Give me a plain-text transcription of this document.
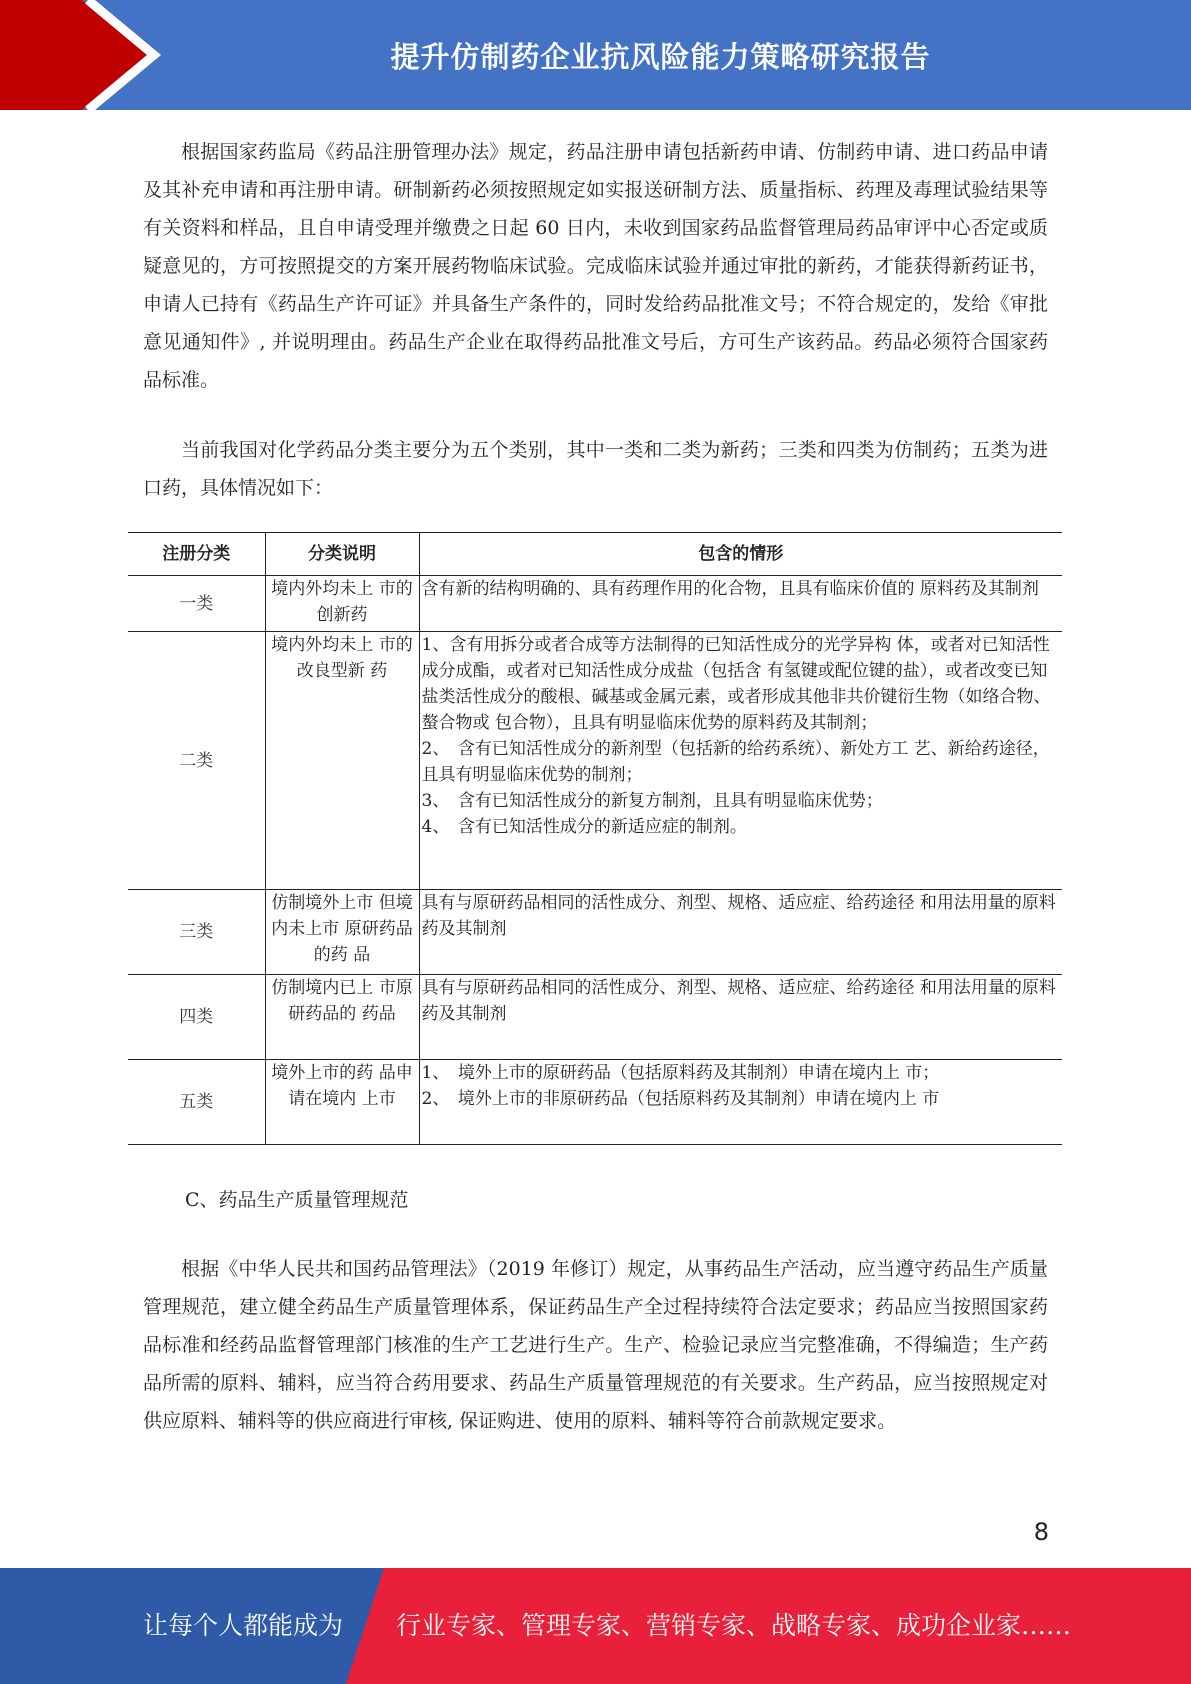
提升仿制药企业抗风险能力策略研究报告

根据国家药监局《药品注册管理办法》规定，药品注册申请包括新药申请、仿制药申请、进口药品申请及其补充申请和再注册申请。研制新药必须按照规定如实报送研制方法、质量指标、药理及毒理试验结果等有关资料和样品，且自申请受理并缴费之日起 60 日内，未收到国家药品监督管理局药品审评中心否定或质疑意见的，方可按照提交的方案开展药物临床试验。完成临床试验并通过审批的新药，才能获得新药证书，申请人已持有《药品生产许可证》并具备生产条件的，同时发给药品批准文号；不符合规定的，发给《审批意见通知件》, 并说明理由。药品生产企业在取得药品批准文号后，方可生产该药品。药品必须符合国家药品标准。

当前我国对化学药品分类主要分为五个类别，其中一类和二类为新药；三类和四类为仿制药；五类为进口药，具体情况如下：

注册分类	分类说明	包含的情形
一类	境内外均未上 市的创新药	含有新的结构明确的、具有药理作用的化合物，且具有临床价值的 原料药及其制剂

二类	境内外均未上 市的改良型新 药	1、含有用拆分或者合成等方法制得的已知活性成分的光学异构 体，或者对已知活性成分成酯，或者对已知活性成分成盐（包括含 有氢键或配位键的盐），或者改变已知盐类活性成分的酸根、碱基或金属元素，或者形成其他非共价键衍生物（如络合物、螯合物或 包合物），且具有明显临床优势的原料药及其制剂；
2、　含有已知活性成分的新剂型（包括新的给药系统）、新处方工 艺、新给药途径，且具有明显临床优势的制剂；
3、　含有已知活性成分的新复方制剂，且具有明显临床优势；
4、　含有已知活性成分的新适应症的制剂。

三类	仿制境外上市 但境内未上市 原研药品的药 品	具有与原研药品相同的活性成分、剂型、规格、适应症、给药途径 和用法用量的原料药及其制剂

四类	仿制境内已上 市原研药品的 药品	具有与原研药品相同的活性成分、剂型、规格、适应症、给药途径 和用法用量的原料药及其制剂

五类	境外上市的药 品申请在境内 上市	1、　境外上市的原研药品（包括原料药及其制剂）申请在境内上 市；
2、　境外上市的非原研药品（包括原料药及其制剂）申请在境内上 市

C、药品生产质量管理规范

根据《中华人民共和国药品管理法》（2019 年修订）规定，从事药品生产活动，应当遵守药品生产质量管理规范，建立健全药品生产质量管理体系，保证药品生产全过程持续符合法定要求；药品应当按照国家药品标准和经药品监督管理部门核准的生产工艺进行生产。生产、检验记录应当完整准确，不得编造；生产药品所需的原料、辅料，应当符合药用要求、药品生产质量管理规范的有关要求。生产药品，应当按照规定对供应原料、辅料等的供应商进行审核, 保证购进、使用的原料、辅料等符合前款规定要求。

8
让每个人都能成为 行业专家、管理专家、营销专家、战略专家、成功企业家……
